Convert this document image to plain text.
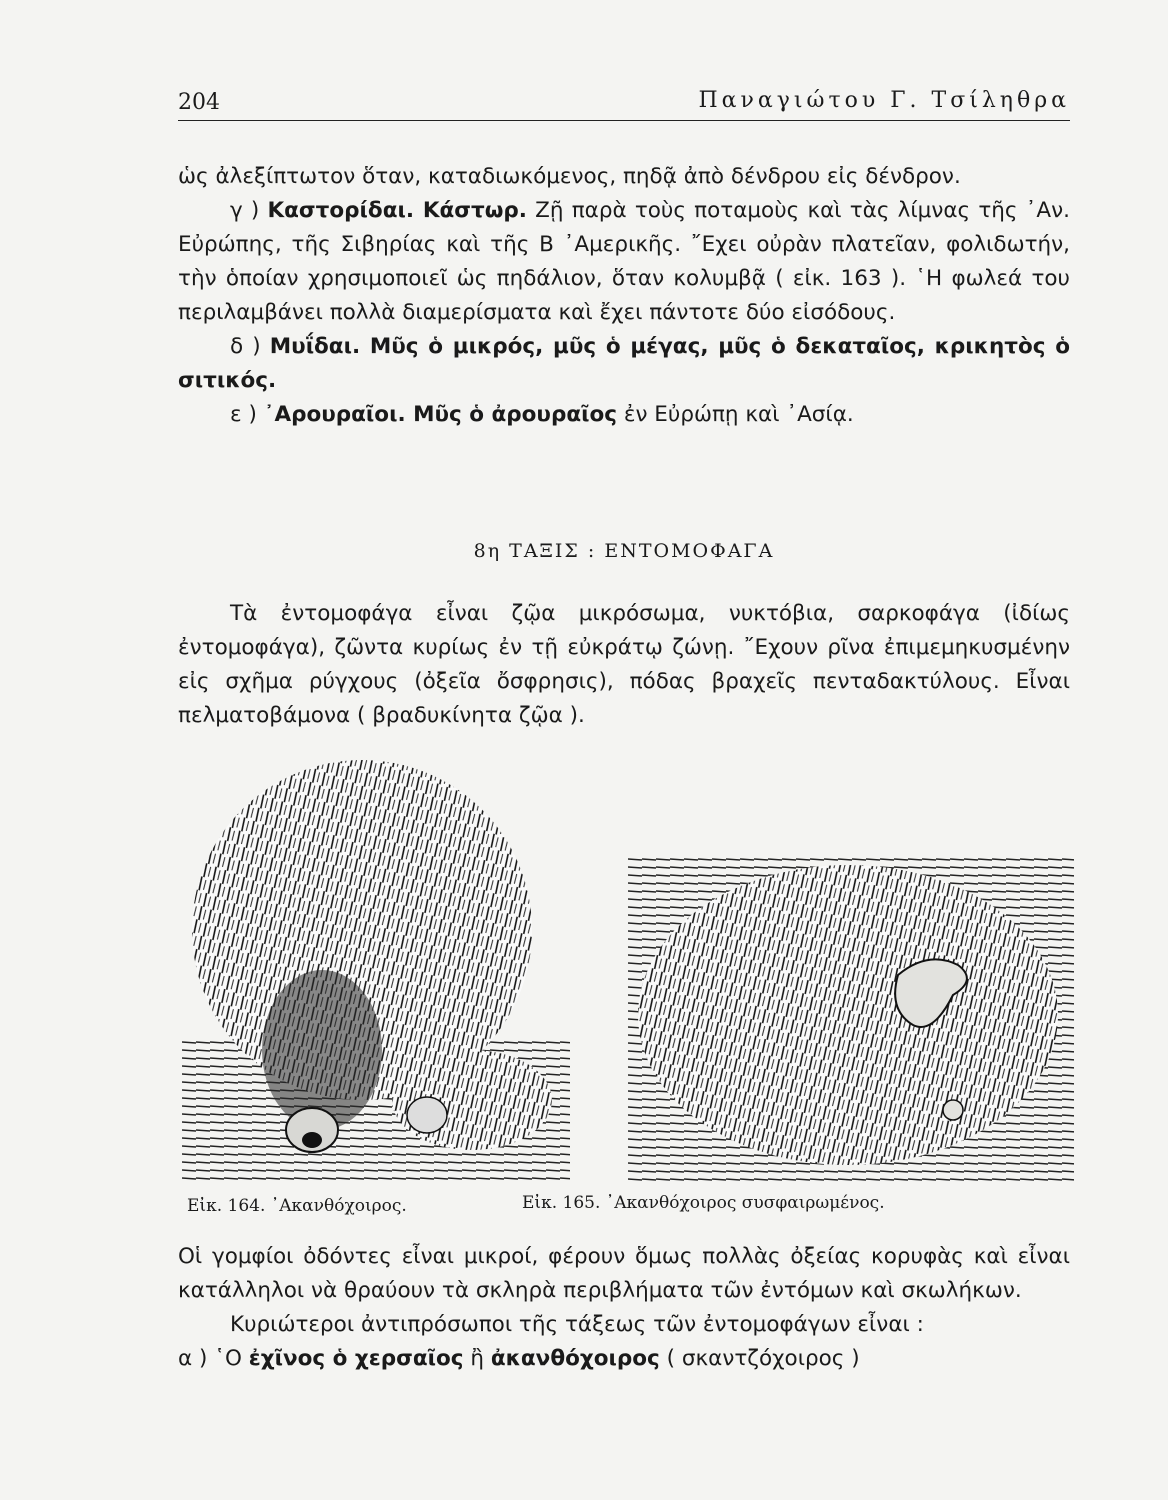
204	Παναγιώτου Γ. Τσίληθρα

ὡς ἀλεξίπτωτον ὅταν, καταδιωκόμενος, πηδᾷ ἀπὸ δένδρου εἰς δένδρον.

γ ) Καστορίδαι. Κάστωρ. Ζῇ παρὰ τοὺς ποταμοὺς καὶ τὰς λίμνας τῆς ᾿Αν. Εὐρώπης, τῆς Σιβηρίας καὶ τῆς Β ᾿Αμερικῆς. ῎Εχει οὐρὰν πλατεῖαν, φολιδωτήν, τὴν ὁποίαν χρησιμοποιεῖ ὡς πηδάλιον, ὅταν κολυμβᾷ ( εἰκ. 163 ). ῾Η φωλεά του περιλαμβάνει πολλὰ διαμερίσματα καὶ ἔχει πάντοτε δύο εἰσόδους.

δ ) Μυΐδαι. Μῦς ὁ μικρός, μῦς ὁ μέγας, μῦς ὁ δεκαταῖος, κρικητὸς ὁ σιτικός.

ε ) ᾿Αρουραῖοι. Μῦς ὁ ἀρουραῖος ἐν Εὐρώπῃ καὶ ᾿Ασίᾳ.

8η ΤΑΞΙΣ : ΕΝΤΟΜΟΦΑΓΑ

Τὰ ἐντομοφάγα εἶναι ζῷα μικρόσωμα, νυκτόβια, σαρκοφάγα (ἰδίως ἐντομοφάγα), ζῶντα κυρίως ἐν τῇ εὐκράτῳ ζώνῃ. ῎Εχουν ρῖνα ἐπιμεμηκυσμένην εἰς σχῆμα ρύγχους (ὀξεῖα ὄσφρησις), πόδας βραχεῖς πενταδακτύλους. Εἶναι πελματοβάμονα ( βραδυκίνητα ζῷα ).

Εἰκ. 164. ᾿Ακανθόχοιρος.	Εἰκ. 165. ᾿Ακανθόχοιρος συσφαιρωμένος.

Οἱ γομφίοι ὀδόντες εἶναι μικροί, φέρουν ὅμως πολλὰς ὀξείας κορυφὰς καὶ εἶναι κατάλληλοι νὰ θραύουν τὰ σκληρὰ περιβλήματα τῶν ἐντόμων καὶ σκωλήκων.

Κυριώτεροι ἀντιπρόσωποι τῆς τάξεως τῶν ἐντομοφάγων εἶναι :

α ) ῾Ο ἐχῖνος ὁ χερσαῖος ἢ ἀκανθόχοιρος ( σκαντζόχοιρος )
